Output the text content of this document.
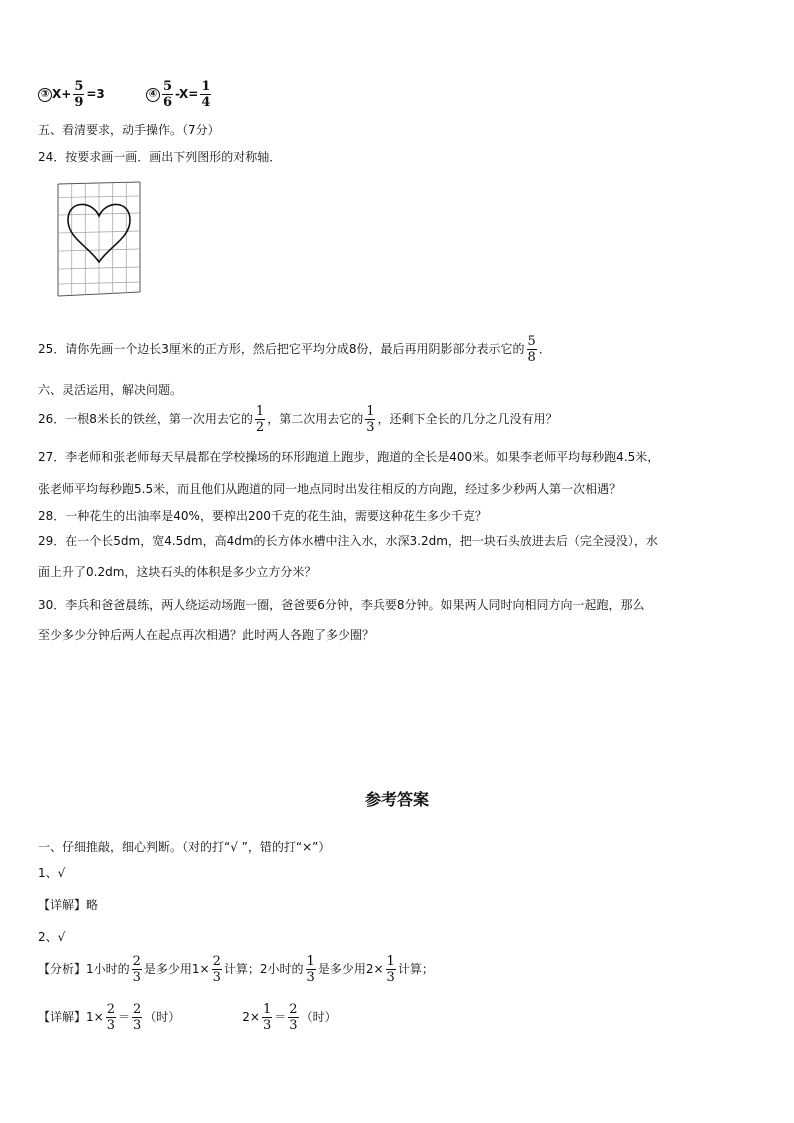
③ $X+ \frac{5}{9} =3$	④ $\frac{5}{6} -X= \frac{1}{4}$
五、看清要求，动手操作。（7分）
24．按要求画一画．画出下列图形的对称轴．
25．请你先画一个边长3厘米的正方形，然后把它平均分成8份，最后再用阴影部分表示它的 $\frac{5}{8}$ ．
六、灵活运用，解决问题。
26．一根8米长的铁丝，第一次用去它的 $\frac{1}{2}$ ，第二次用去它的 $\frac{1}{3}$ ，还剩下全长的几分之几没有用？
27．李老师和张老师每天早晨都在学校操场的环形跑道上跑步，跑道的全长是400米。如果李老师平均每秒跑4.5米，
张老师平均每秒跑5.5米，而且他们从跑道的同一地点同时出发往相反的方向跑，经过多少秒两人第一次相遇？
28．一种花生的出油率是40%，要榨出200千克的花生油，需要这种花生多少千克？
29．在一个长5dm，宽4.5dm，高4dm的长方体水槽中注入水，水深3.2dm，把一块石头放进去后（完全浸没），水
面上升了0.2dm，这块石头的体积是多少立方分米？
30．李兵和爸爸晨练，两人绕运动场跑一圈，爸爸要6分钟，李兵要8分钟。如果两人同时向相同方向一起跑，那么
至少多少分钟后两人在起点再次相遇？此时两人各跑了多少圈？
参考答案
一、仔细推敲，细心判断。（对的打“√ ”，错的打“×”）
1、√
【详解】略
2、√
【分析】1小时的 $\frac{2}{3}$ 是多少用$1\times \frac{2}{3}$ 计算；2小时的 $\frac{1}{3}$ 是多少用$2\times \frac{1}{3}$ 计算；
【详解】$1\times \frac{2}{3} = \frac{2}{3}$ （时）	$2\times \frac{1}{3} = \frac{2}{3}$ （时）
